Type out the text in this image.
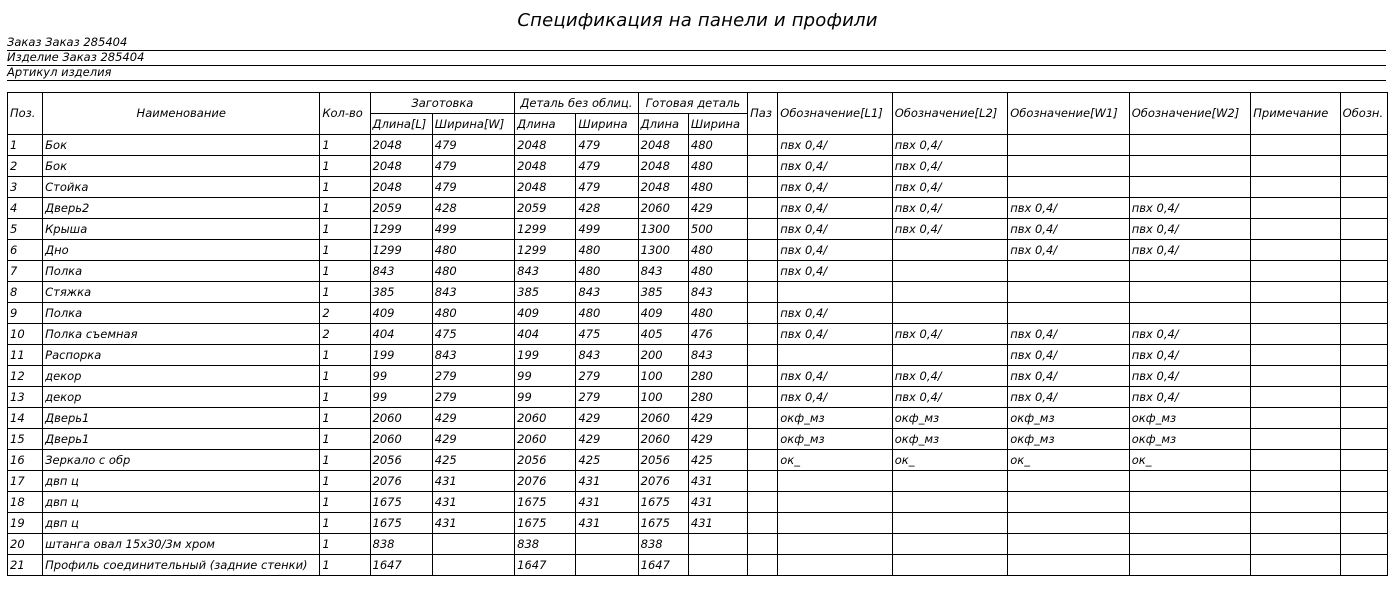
Спецификация на панели и профили
Заказ Заказ 285404
Изделие Заказ 285404
Артикул изделия
Поз.	Наименование	Кол-во	Заготовка		Деталь без облиц.		Готовая деталь		Паз	Обозначение[L1]	Обозначение[L2]	Обозначение[W1]	Обозначение[W2]	Примечание	Обозн.
			Длина[L]	Ширина[W]	Длина	Ширина	Длина	Ширина							
1	Бок	1	2048	479	2048	479	2048	480		пвх 0,4/	пвх 0,4/				
2	Бок	1	2048	479	2048	479	2048	480		пвх 0,4/	пвх 0,4/				
3	Стойка	1	2048	479	2048	479	2048	480		пвх 0,4/	пвх 0,4/				
4	Дверь2	1	2059	428	2059	428	2060	429		пвх 0,4/	пвх 0,4/	пвх 0,4/	пвх 0,4/		
5	Крыша	1	1299	499	1299	499	1300	500		пвх 0,4/	пвх 0,4/	пвх 0,4/	пвх 0,4/		
6	Дно	1	1299	480	1299	480	1300	480		пвх 0,4/		пвх 0,4/	пвх 0,4/		
7	Полка	1	843	480	843	480	843	480		пвх 0,4/					
8	Стяжка	1	385	843	385	843	385	843							
9	Полка	2	409	480	409	480	409	480		пвх 0,4/					
10	Полка съемная	2	404	475	404	475	405	476		пвх 0,4/	пвх 0,4/	пвх 0,4/	пвх 0,4/		
11	Распорка	1	199	843	199	843	200	843				пвх 0,4/	пвх 0,4/		
12	декор	1	99	279	99	279	100	280		пвх 0,4/	пвх 0,4/	пвх 0,4/	пвх 0,4/		
13	декор	1	99	279	99	279	100	280		пвх 0,4/	пвх 0,4/	пвх 0,4/	пвх 0,4/		
14	Дверь1	1	2060	429	2060	429	2060	429		окф_мз	окф_мз	окф_мз	окф_мз		
15	Дверь1	1	2060	429	2060	429	2060	429		окф_мз	окф_мз	окф_мз	окф_мз		
16	Зеркало с обр	1	2056	425	2056	425	2056	425		ок_	ок_	ок_	ок_		
17	двп ц	1	2076	431	2076	431	2076	431							
18	двп ц	1	1675	431	1675	431	1675	431							
19	двп ц	1	1675	431	1675	431	1675	431							
20	штанга овал 15х30/3м хром	1	838		838		838								
21	Профиль соединительный (задние стенки)	1	1647		1647		1647								
